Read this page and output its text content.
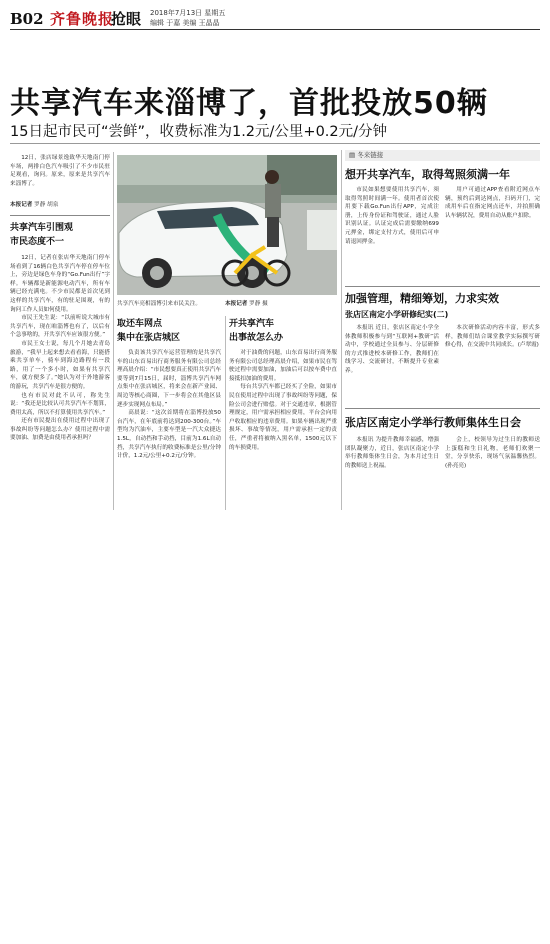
B02 齐鲁晚报
抢眼 2018年7月13日 星期五
编辑 于嘉 美编 王晶晶
共享汽车来淄博了，首批投放50辆
15日起市民可“尝鲜”，收费标准为1.2元/公里+0.2元/分钟

12日，张店绿景逸致华天地南门停车场，两排白色汽车吸引了不少市民驻足观看，询问。原来，原来是共享汽车来淄博了。

本报记者 罗静 胡泉
共享汽车引围观
市民态度不一

12日，记者在张店华天地南门停车场看到了16辆白色共享汽车停在停车位上，旁边是绿色车身的“Go.Fun出行”字样。车辆都是新能源电动汽车，所有车辆已经充满电。不少市民都是首次见到这样的共享汽车，有的驻足围观，有的询问工作人员如何使用。

市民王先生说：“以前听说大城市有共享汽车，现在咱淄博也有了，以后有个急事啥的，开共享汽车应该很方便。”

市民王女士说，每几个月她去青岛旅游，“我早上起来想去看看海，只能搭乘共享单车，骑车到海边路程有一段路，用了一个多小时，如果有共享汽车，就方便多了。”她认为对于外地游客的游玩，共享汽车是很方便的。

也有市民对此不认可，称先生说：“我还是比较认可共享汽车不划算，费用太高，所以不打算使用共享汽车。”

还有市民提出在使用过程中出现了事故纠纷等问题怎么办？使用过程中需要加油、加费是由使用者承担吗？

共享汽车亮相淄博引来市民关注。	本报记者 罗静 摄
取还车网点
集中在张店城区

负责该共享汽车运营管理的是共享汽车的山东首易出行商务服务有限公司总经理高晨介绍：“市民想要真正使用共享汽车要等到7月15日，届时，淄博共享汽车网点集中在张店城区，将来会在新产业园、周边等核心商圈，下一步将会在其他区县逐步实现网点布局。”

高晨说：“这次首期将在淄博投放50台汽车，在年底前将达到200-300台。”车型均为汽油车，主要车型是一汽大众捷达1.5L，自动挡和手动挡，目前为1.6L自动挡，共享汽车执行的收费标准是公里/分钟计价，1.2元/公里+0.2元/分钟。

开共享汽车
出事故怎么办

对于油费的问题，山东首易出行商务服务有限公司总经理高晨介绍，如果市民在驾驶过程中需要加油，加油后可以按车费中直接抵扣加油的费用。

每台共享汽车都已经买了全险，如果市民在使用过程中出现了事故纠纷等问题，保险公司会进行赔偿。对于交通违章，根据管理规定，用户需承担相应费用，平台会向用户收取相应的违章费用。如果车辆出现严重损坏、事故等情况，用户需承担一定的责任，严重者将被纳入黑名单，1500元以下的车损费用。

▤ 冬来链接
想开共享汽车，取得驾照须满一年

市民如果想要使用共享汽车，须取得驾照时间满一年。使用者首次使用要下载Go.Fun出行APP，完成注册，上传身份证和驾驶证，通过人脸识别认证。认证完成后需要缴纳699元押金，绑定支付方式，使用后可申请退回押金。

用户可通过APP查看附近网点车辆，预约后到达网点，扫码开门，完成用车后在指定网点还车，并拍照确认车辆状况，费用自动从账户扣除。

加强管理，精细筹划，力求实效
张店区南定小学研修纪实(二)

本报讯 近日，张店区南定小学全体教师积极参与到“互联网+教研”活动中，学校通过全员参与、分层研修的方式推进校本研修工作，教师们在线学习、交流研讨，不断提升专业素养。

本次研修活动内容丰富，形式多样，教师们结合课堂教学实际撰写研修心得，在交流中共同成长。(卢翠霞)

张店区南定小学举行教师集体生日会

本报讯 为提升教师幸福感，增强团队凝聚力，近日，张店区南定小学举行教师集体生日会，为本月过生日的教师送上祝福。

会上，校领导为过生日的教师送上蛋糕和生日礼物，老师们欢聚一堂，分享快乐，现场气氛温馨热烈。(孙亮亮)
